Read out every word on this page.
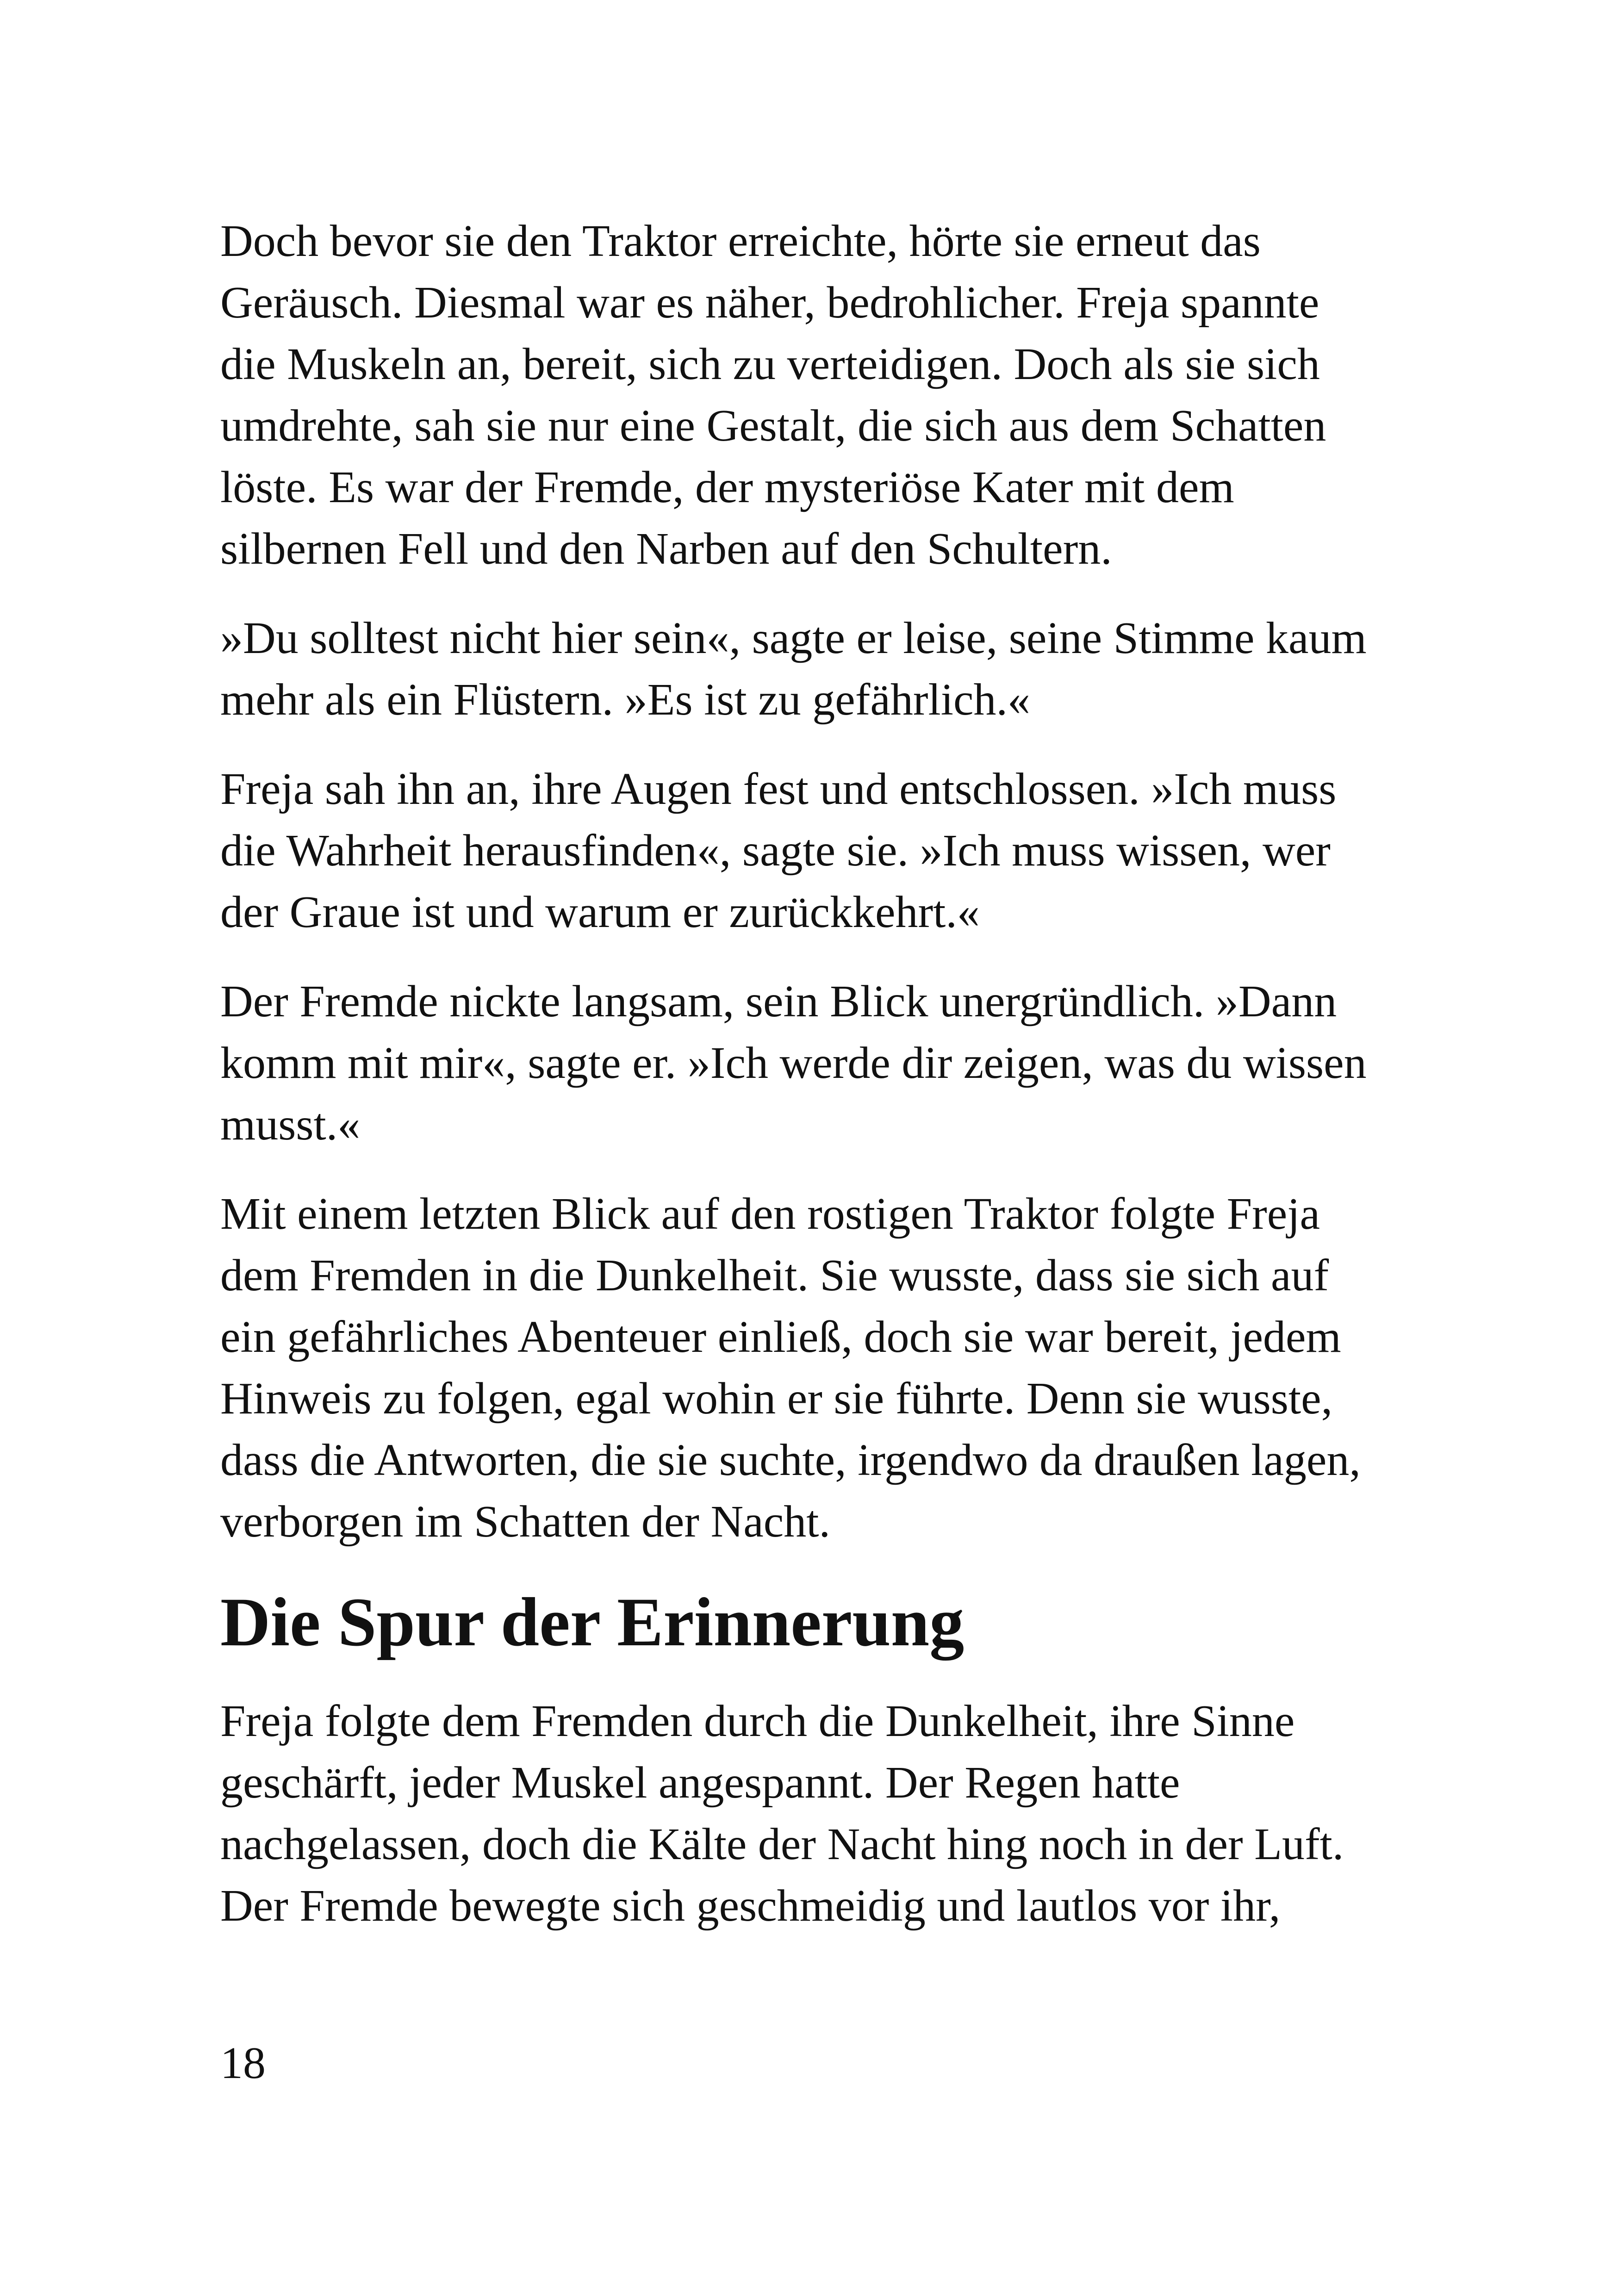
Doch bevor sie den Traktor erreichte, hörte sie erneut das
Geräusch. Diesmal war es näher, bedrohlicher. Freja spannte
die Muskeln an, bereit, sich zu verteidigen. Doch als sie sich
umdrehte, sah sie nur eine Gestalt, die sich aus dem Schatten
löste. Es war der Fremde, der mysteriöse Kater mit dem
silbernen Fell und den Narben auf den Schultern.

»Du solltest nicht hier sein«, sagte er leise, seine Stimme kaum
mehr als ein Flüstern. »Es ist zu gefährlich.«

Freja sah ihn an, ihre Augen fest und entschlossen. »Ich muss
die Wahrheit herausfinden«, sagte sie. »Ich muss wissen, wer
der Graue ist und warum er zurückkehrt.«

Der Fremde nickte langsam, sein Blick unergründlich. »Dann
komm mit mir«, sagte er. »Ich werde dir zeigen, was du wissen
musst.«

Mit einem letzten Blick auf den rostigen Traktor folgte Freja
dem Fremden in die Dunkelheit. Sie wusste, dass sie sich auf
ein gefährliches Abenteuer einließ, doch sie war bereit, jedem
Hinweis zu folgen, egal wohin er sie führte. Denn sie wusste,
dass die Antworten, die sie suchte, irgendwo da draußen lagen,
verborgen im Schatten der Nacht.

Die Spur der Erinnerung

Freja folgte dem Fremden durch die Dunkelheit, ihre Sinne
geschärft, jeder Muskel angespannt. Der Regen hatte
nachgelassen, doch die Kälte der Nacht hing noch in der Luft.
Der Fremde bewegte sich geschmeidig und lautlos vor ihr,

18
